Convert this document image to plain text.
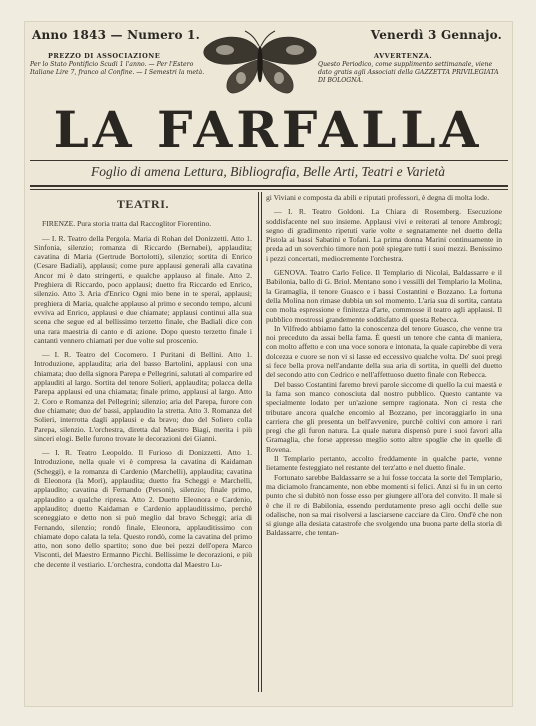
Anno 1843 — Numero 1.	Venerdì 3 Gennajo.
PREZZO DI ASSOCIAZIONE
Per lo Stato Pontificio Scudi 1 l'anno. — Per l'Estero Italiane Lire 7, franco al Confine. — I Semestri la metà.
AVVERTENZA.
Questo Periodico, come supplimento settimanale, viene dato gratis agli Associati della GAZZETTA PRIVILEGIATA DI BOLOGNA.
LA FARFALLA
Foglio di amena Lettura, Bibliografia, Belle Arti, Teatri e Varietà
TEATRI.

FIRENZE. Pura storia tratta dal Raccoglitor Fiorentino.

— I. R. Teatro della Pergola. Maria di Rohan del Donizzetti. Atto 1. Sinfonia, silenzio; romanza di Riccardo (Bernabei), applaudita; cavatina di Maria (Gertrude Bortolotti), silenzio; sortita di Enrico (Cesare Badiali), applausi; come pure applausi generali alla cavatina Ancor mi è dato stringerti, e qualche applauso al finale. Atto 2. Preghiera di Riccardo, poco applausi; duetto fra Riccardo ed Enrico, silenzio. Atto 3. Aria d'Enrico Ogni mio bene in te speraì, applausi; preghiera di Maria, qualche applauso al primo e secondo tempo, alcuni evviva ad Enrico, applausi e due chiamate; applausi continui alla sua scena che segue ed al bellissimo terzetto finale, che Badiali dice con una rara maestria di canto e di azione. Dopo questo terzetto finale i cantanti vennero chiamati per due volte sul proscenio.

— I. R. Teatro del Cocomero. I Puritani di Bellini. Atto 1. Introduzione, applaudita; aria del basso Bartolini, applausi con una chiamata; duo della signora Parepa e Pellegrini, salutati al comparire ed applauditi al largo. Sortita del tenore Solieri, applaudita; polacca della Parepa applausi ed una chiamata; finale primo, applausi al largo. Atto 2. Coro e Romanza del Pellegrini; silenzio; aria del Parepa, furore con due chiamate; duo de' bassi, applaudito la stretta. Atto 3. Romanza del Solieri, interrotta dagli applausi e da bravo; duo del Soliero colla Parepa, silenzio. L'orchestra, diretta dal Maestro Biagi, merita i più sinceri elogi. Belle furono trovate le decorazioni dei Gianni.

— I. R. Teatro Leopoldo. Il Furioso di Donizzetti. Atto 1. Introduzione, nella quale vi è compresa la cavatina di Kaidaman (Scheggi), e la romanza di Cardenio (Marchelli), applaudita; cavatina di Eleonora (la Morì), applaudita; duetto fra Scheggi e Marchelli, applaudito; cavatina di Fernando (Personi), silenzio; finale primo, applaudito a qualche ripresa. Atto 2. Duetto Eleonora e Cardenio, applaudito; duetto Kaidaman e Cardenio applauditissimo, perchè sceneggiato e detto non si può meglio dal bravo Scheggi; aria di Fernando, silenzio; rondò finale, Eleonora, applauditissimo con chiamate dopo calata la tela. Questo rondò, come la cavatina del primo atto, non sono dello spartito; sono due bei pezzi dell'opera Marco Visconti, del Maestro Ermanno Picchi. Bellissime le decorazioni, e più che decente il vestiario. L'orchestra, condotta dal Maestro Lu-

gi Viviani e composta da abili e riputati professori, è degna di molta lode.

— I. R. Teatro Goldoni. La Chiara di Rosemberg. Esecuzione soddisfacente nel suo insieme. Applausi vivi e reiterati al tenore Ambrogi; segno di gradimento ripetuti varie volte e segnatamente nel duetto della Pistola ai bassi Sabatini e Tofani. La prima donna Marini continuamente in preda ad un soverchio timore non potè spiegare tutti i suoi mezzi. Benissimo i pezzi concertati, mediocremente l'orchestra.

GENOVA. Teatro Carlo Felice. Il Templario di Nicolai, Baldassarre e il Babilonia, ballo di G. Briol. Mentano sono i vessilli del Templario la Molina, la Gramaglia, il tenore Guasco e i bassi Costantini e Bozzano. La fortuna della Molina non rimase dubbia un sol momento. L'aria sua di sortita, cantata con molta espressione e finitezza d'arte, commosse il teatro agli applausi. Il pubblico mostrossi grandemente soddisfatto di questa Rebecca.

In Vilfredo abbiamo fatto la conoscenza del tenore Guasco, che venne tra noi preceduto da assai bella fama. È questi un tenore che canta di maniera, con molto affetto e con una voce sonora e intonata, la quale capirebbe di vera dolcezza e cuore se non vi si lasse ed eccessivo qualche volta. De' suoi pregi si fece bella prova nell'andante della sua aria di sortita, in quelli del duetto del secondo atto con Cedrico e nell'affettuoso duetto finale con Rebecca.

Del basso Costantini faremo brevi parole siccome di quello la cui maestà e la fama son manco conosciuta dal nostro pubblico. Questo cantante va specialmente lodato per un'azione sempre ragionata. Non ci resta che tributare ancora qualche encomio al Bozzano, per incoraggiarlo in una carriera che gli presenta un bell'avvenire, purchè coltivi con amore i rari pregi che gli furon natura. La quale natura dispensò pure i suoi favori alla Gramaglia, che forse appresso meglio sotto altre spoglie che in quelle di Rovena.

Il Templario pertanto, accolto freddamente in qualche parte, venne lietamente festeggiato nel restante del terz'atto e nel duetto finale.

Fortunato sarebbe Baldassarre se a lui fosse toccata la sorte del Templario, ma diciamolo francamente, non ebbe momenti si felici. Anzi si fu in un certo punto che si dubitò non fosse esso per giungere all'ora del convito. Il male si è che il re di Babilonia, essendo perdutamente preso agli occhi delle sue odalische, non sa mai risolversi a lasciarsene cacciare da Ciro. Ond'è che non si giunge alla desiata catastrofe che svolgendo una buona parte della storia di Baldassarre, che tentan-
